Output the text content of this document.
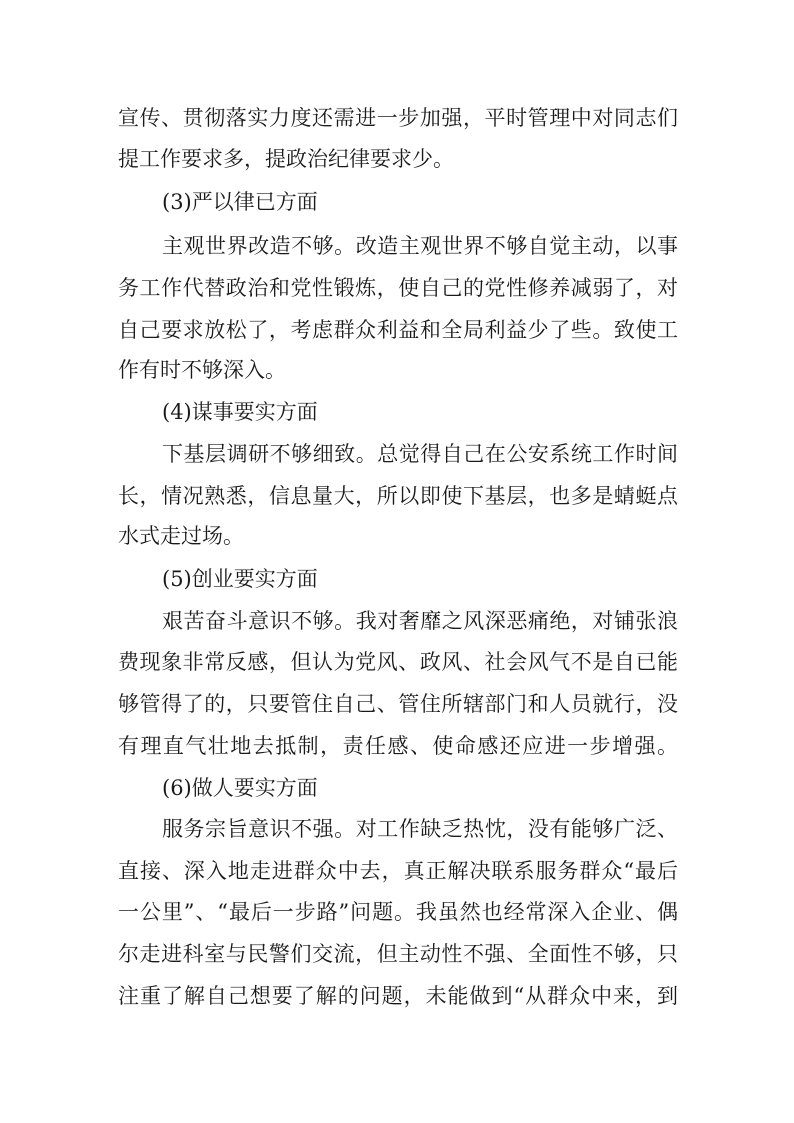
宣传、贯彻落实力度还需进一步加强，平时管理中对同志们
提工作要求多，提政治纪律要求少。
(3)严以律已方面
主观世界改造不够。改造主观世界不够自觉主动，以事
务工作代替政治和党性锻炼，使自己的党性修养减弱了，对
自己要求放松了，考虑群众利益和全局利益少了些。致使工
作有时不够深入。
(4)谋事要实方面
下基层调研不够细致。总觉得自己在公安系统工作时间
长，情况熟悉，信息量大，所以即使下基层，也多是蜻蜓点
水式走过场。
(5)创业要实方面
艰苦奋斗意识不够。我对奢靡之风深恶痛绝，对铺张浪
费现象非常反感，但认为党风、政风、社会风气不是自已能
够管得了的，只要管住自己、管住所辖部门和人员就行，没
有理直气壮地去抵制，责任感、使命感还应进一步增强。
(6)做人要实方面
服务宗旨意识不强。对工作缺乏热忱，没有能够广泛、
直接、深入地走进群众中去，真正解决联系服务群众“最后
一公里”、“最后一步路”问题。我虽然也经常深入企业、偶
尔走进科室与民警们交流，但主动性不强、全面性不够，只
注重了解自己想要了解的问题，未能做到“从群众中来，到
